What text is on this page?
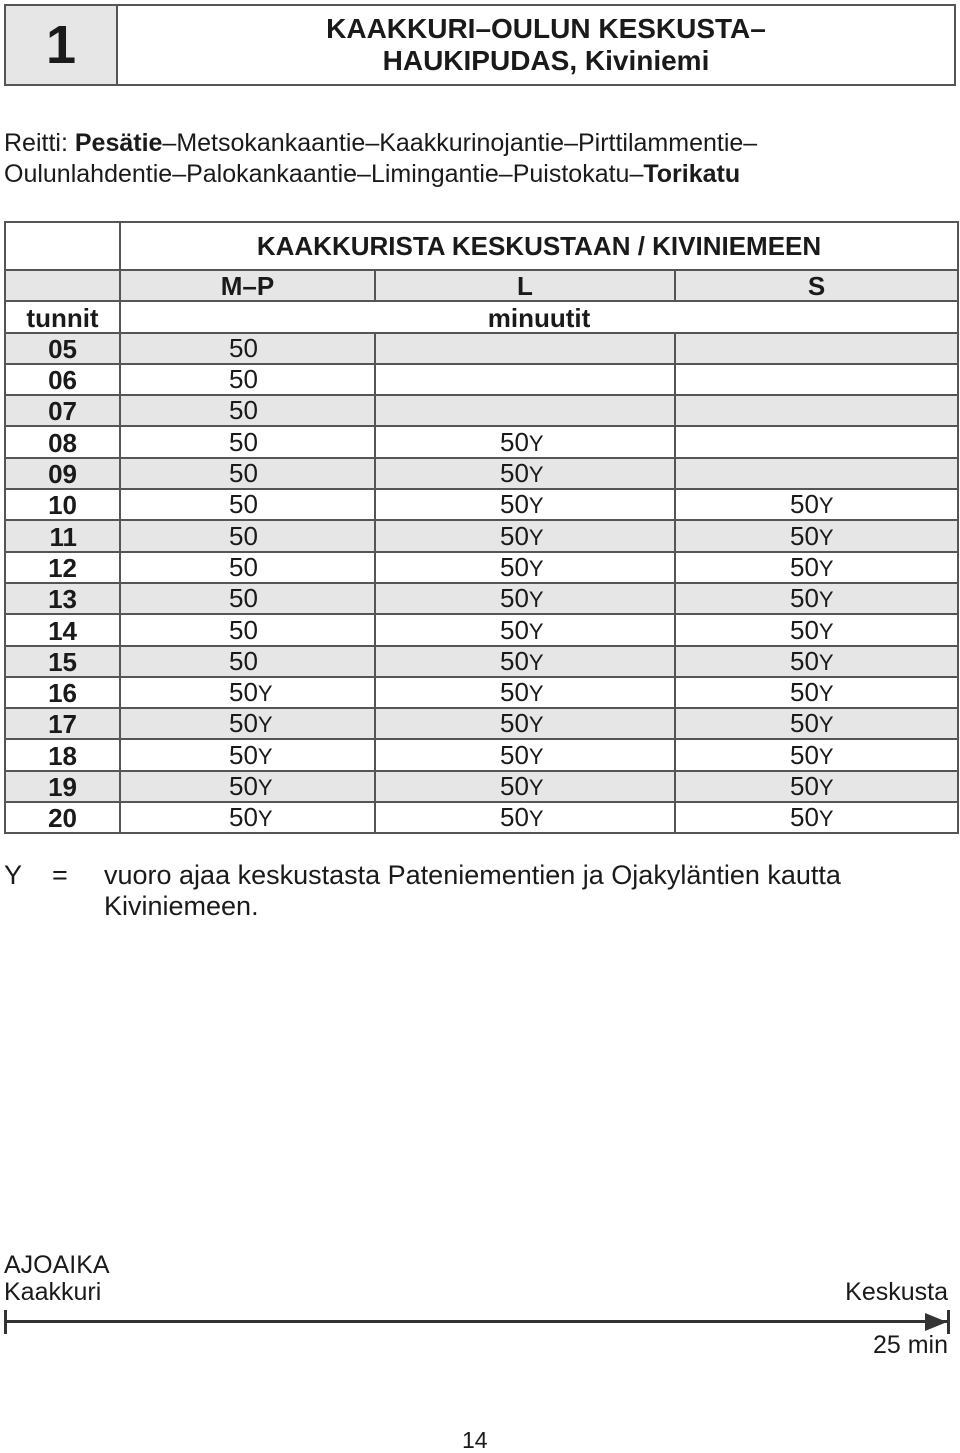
1	KAAKKURI–OULUN KESKUSTA–
HAUKIPUDAS, Kiviniemi
Reitti: Pesätie–Metsokankaantie–Kaakkurinojantie–Pirttilammentie–
Oulunlahdentie–Palokankaantie–Limingantie–Puistokatu–Torikatu
	KAAKKURISTA KESKUSTAAN / KIVINIEMEEN		
	M–P	L	S
tunnit	minuutit		
05	50		
06	50		
07	50		
08	50	50Y	
09	50	50Y	
10	50	50Y	50Y
11	50	50Y	50Y
12	50	50Y	50Y
13	50	50Y	50Y
14	50	50Y	50Y
15	50	50Y	50Y
16	50Y	50Y	50Y
17	50Y	50Y	50Y
18	50Y	50Y	50Y
19	50Y	50Y	50Y
20	50Y	50Y	50Y
Y = vuoro ajaa keskustasta Pateniementien ja Ojakyläntien kautta Kiviniemeen.
AJOAIKA
Kaakkuri	Keskusta
25 min
14
